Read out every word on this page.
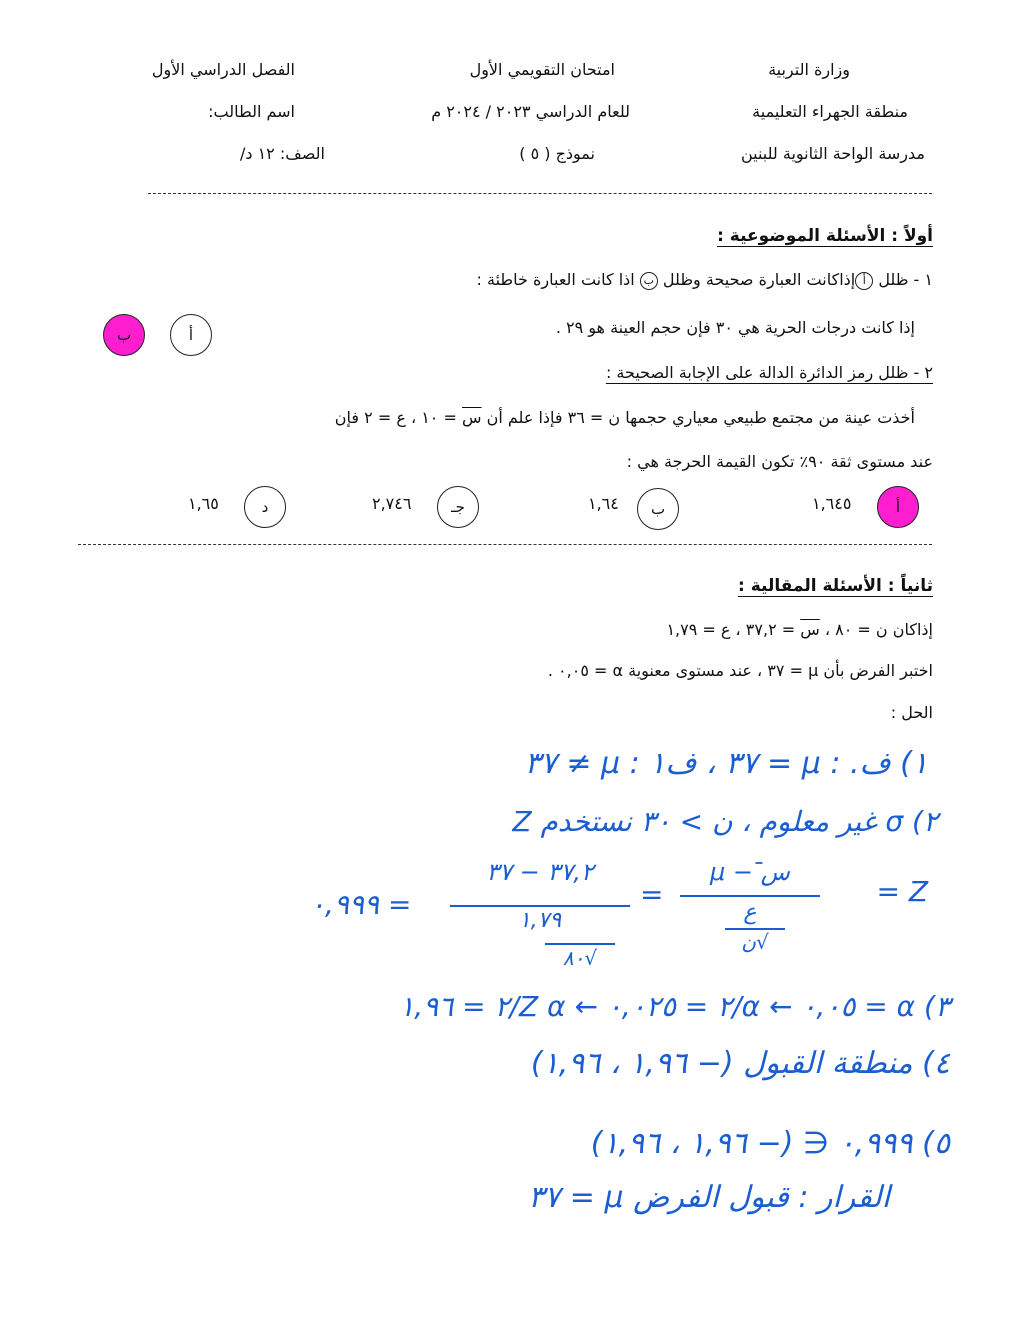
وزارة التربية
منطقة الجهراء التعليمية
مدرسة الواحة الثانوية للبنين
امتحان التقويمي الأول
للعام الدراسي ٢٠٢٣ / ٢٠٢٤ م
نموذج ( ٥ )
الفصل الدراسي الأول
اسم الطالب:
الصف: ١٢ د/
أولاً : الأسئلة الموضوعية :
١ - ظلل أإذاكانت العبارة صحيحة وظلل ب اذا كانت العبارة خاطئة :
إذا كانت درجات الحرية هي ٣٠ فإن حجم العينة هو ٢٩ .
أ
ب
٢ - ظلل رمز الدائرة الدالة على الإجابة الصحيحة :
أخذت عينة من مجتمع طبيعي معياري حجمها ن = ٣٦ فإذا علم أن س = ١٠ ، ع = ٢ فإن
عند مستوى ثقة ٩٠٪ تكون القيمة الحرجة هي :
أ
١,٦٤٥
ب
١,٦٤
جـ
٢,٧٤٦
د
١,٦٥
ثانياً : الأسئلة المقالية :
إذاكان ن = ٨٠ ، س = ٣٧,٢ ، ع = ١,٧٩
اختبر الفرض بأن μ = ٣٧ ، عند مستوى معنوية α = ٠,٠٥ .
الحل :
١) ف. : μ = ٣٧ ، ف١ : μ ≠ ٣٧
٢) σ غير معلوم ، ن > ٣٠ نستخدم Z
Z =
س̄ − μ
ع
√ن
=
٣٧,٢ − ٣٧
١,٧٩
√٨٠
= ٠,٩٩٩
٣) α = ٠,٠٥ ← α/٢ = ٠,٠٢٥ ← Z α/٢ = ١,٩٦
٤) منطقة القبول (− ١,٩٦ ، ١,٩٦)
٥) ٠,٩٩٩ ∈ (− ١,٩٦ ، ١,٩٦)
القرار : قبول الفرض μ = ٣٧
